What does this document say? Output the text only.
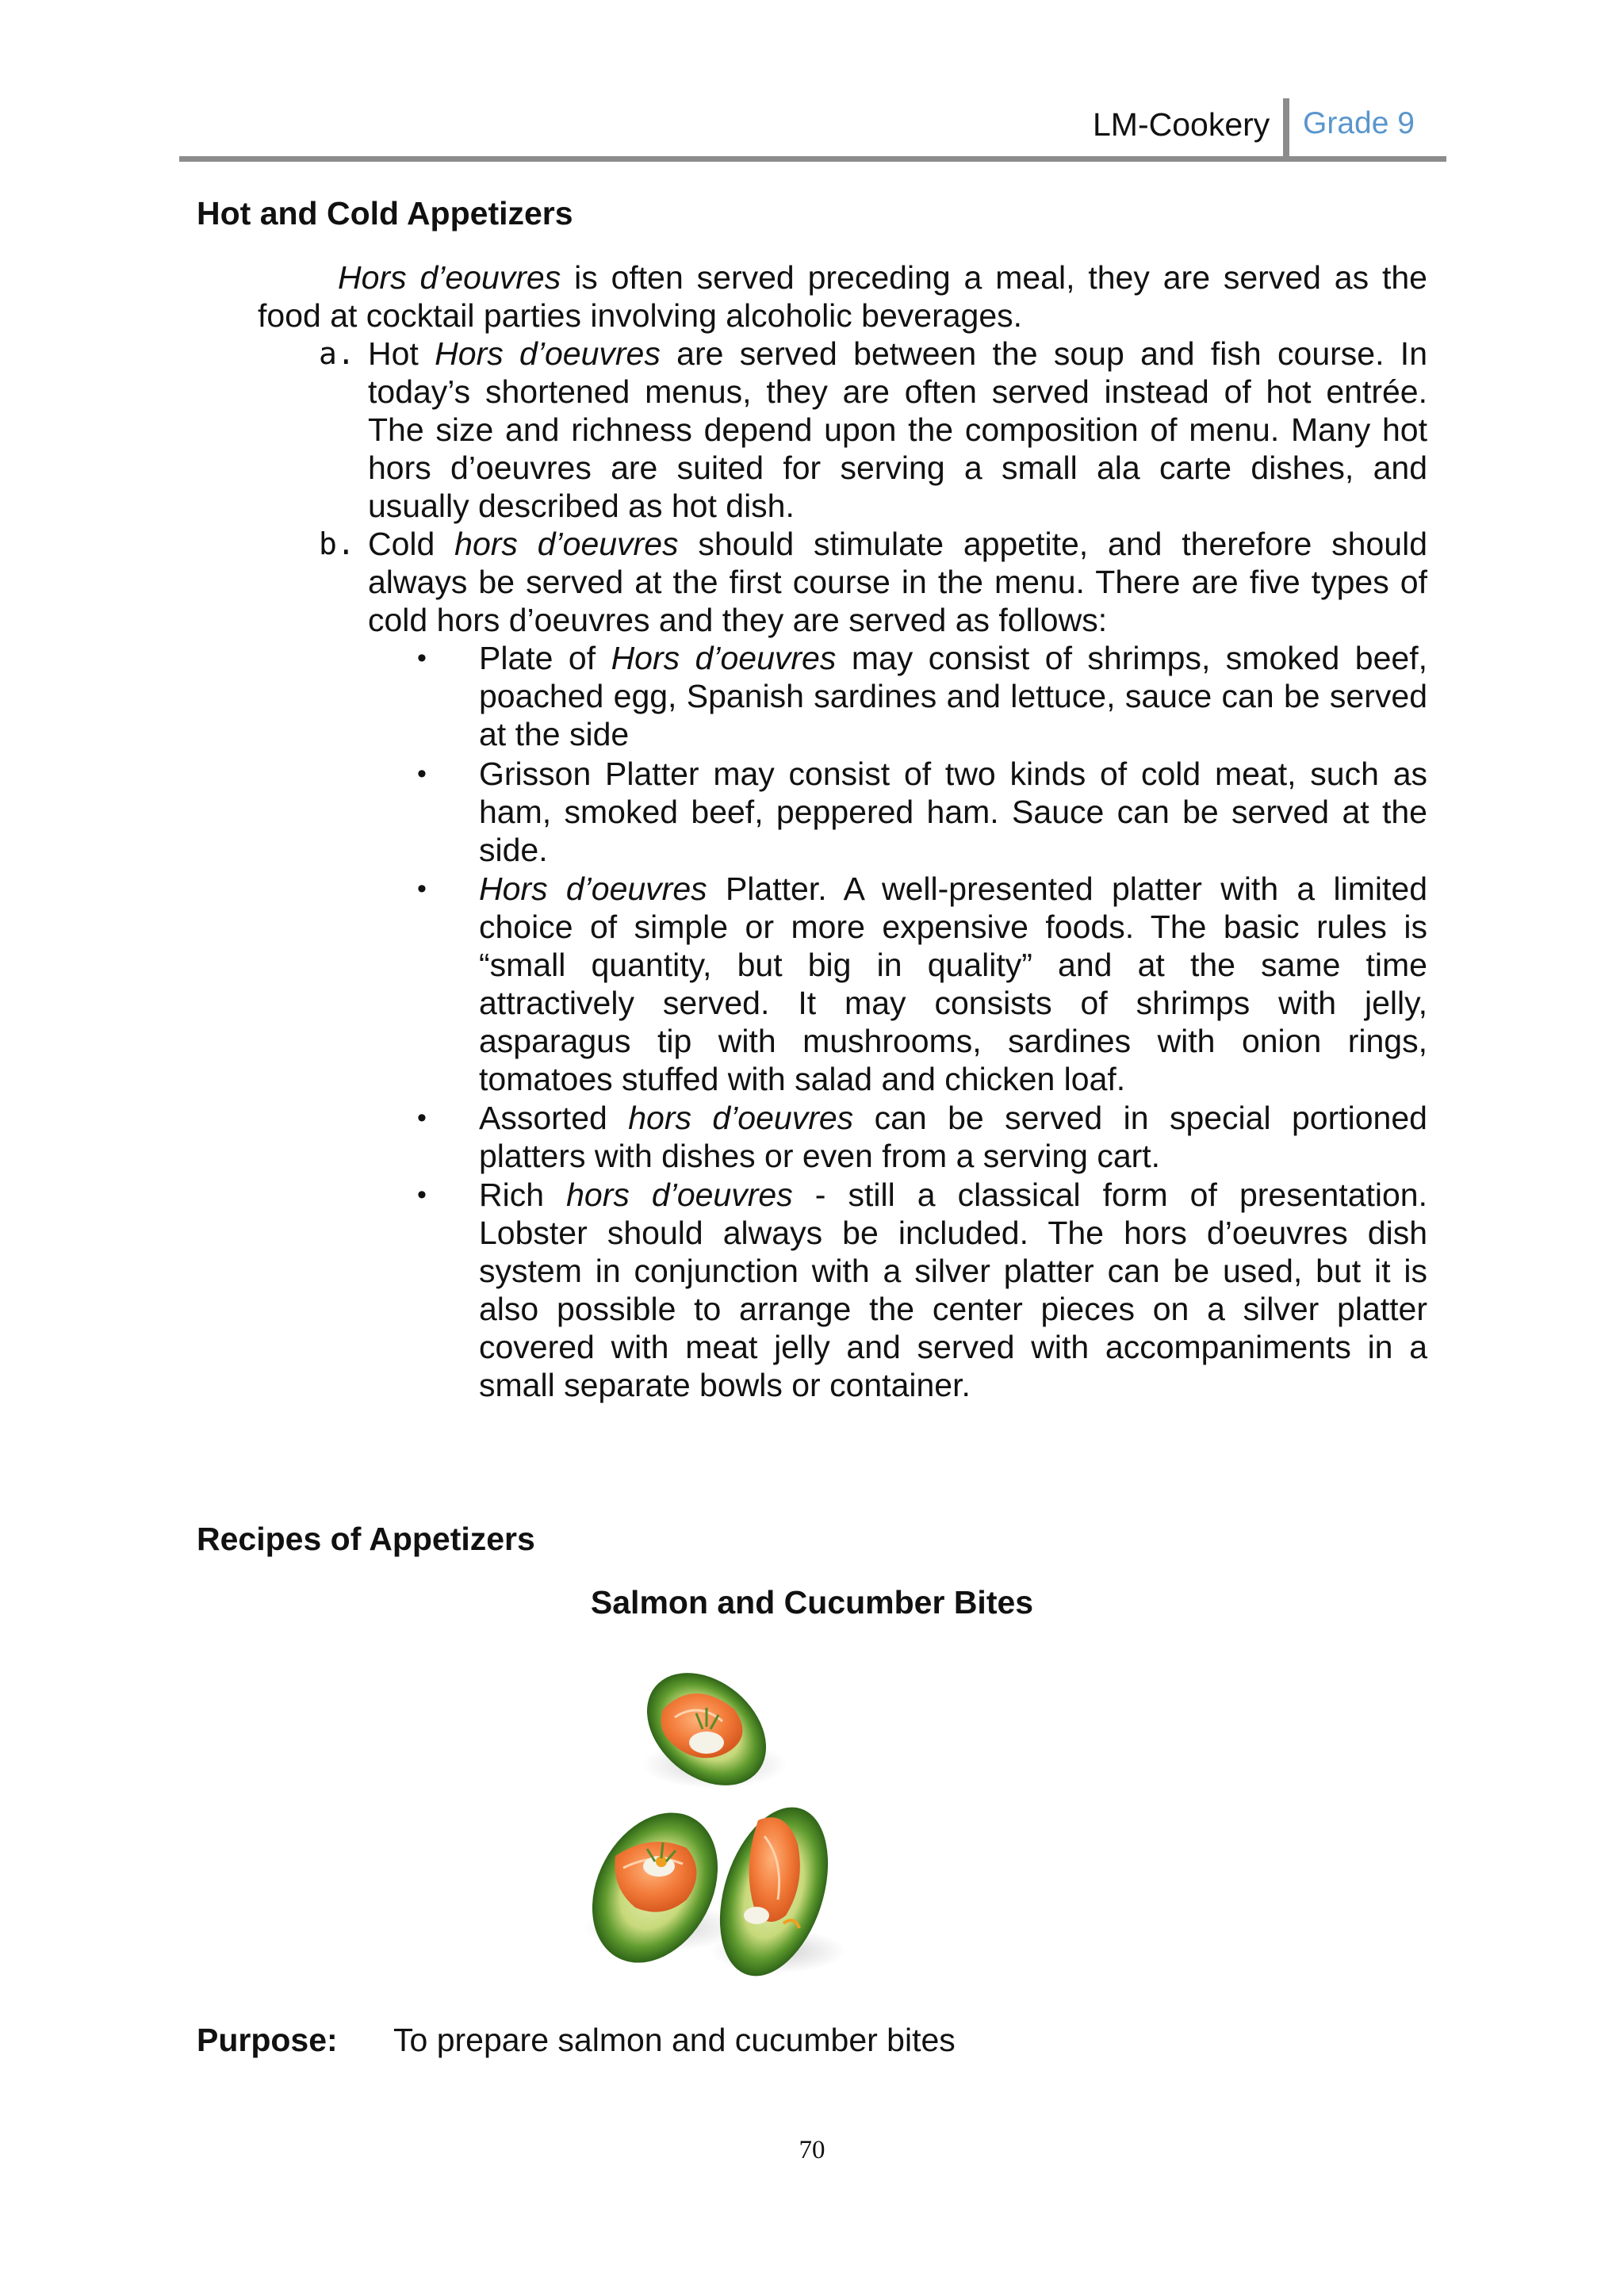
LM-Cookery Grade 9
Hot and Cold Appetizers
Hors d’eouvres is often served preceding a meal, they are served as the
food at cocktail parties involving alcoholic beverages.
a. Hot Hors d’oeuvres are served between the soup and fish course. In
today’s shortened menus, they are often served instead of hot entrée.
The size and richness depend upon the composition of menu. Many hot
hors d’oeuvres are suited for serving a small ala carte dishes, and
usually described as hot dish.
b. Cold hors d’oeuvres should stimulate appetite, and therefore should
always be served at the first course in the menu. There are five types of
cold hors d’oeuvres and they are served as follows:
• Plate of Hors d’oeuvres may consist of shrimps, smoked beef,
poached egg, Spanish sardines and lettuce, sauce can be served
at the side
• Grisson Platter may consist of two kinds of cold meat, such as
ham, smoked beef, peppered ham. Sauce can be served at the
side.
• Hors d’oeuvres Platter. A well-presented platter with a limited
choice of simple or more expensive foods. The basic rules is
“small quantity, but big in quality” and at the same time
attractively served. It may consists of shrimps with jelly,
asparagus tip with mushrooms, sardines with onion rings,
tomatoes stuffed with salad and chicken loaf.
• Assorted hors d’oeuvres can be served in special portioned
platters with dishes or even from a serving cart.
• Rich hors d’oeuvres - still a classical form of presentation.
Lobster should always be included. The hors d’oeuvres dish
system in conjunction with a silver platter can be used, but it is
also possible to arrange the center pieces on a silver platter
covered with meat jelly and served with accompaniments in a
small separate bowls or container.
Recipes of Appetizers
Salmon and Cucumber Bites
Purpose: To prepare salmon and cucumber bites
70
